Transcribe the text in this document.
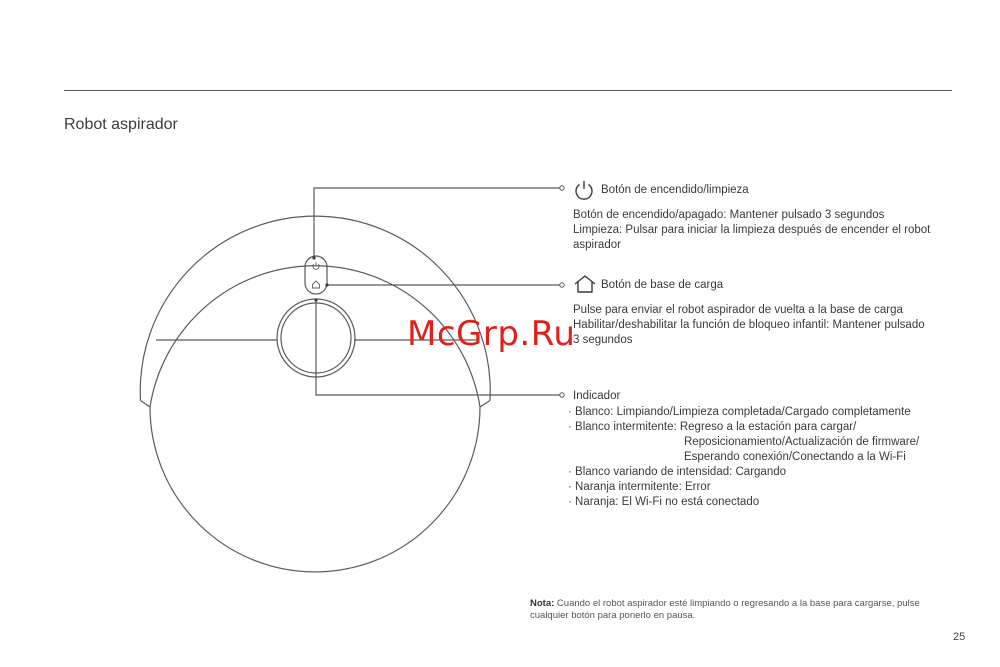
Robot aspirador
Botón de encendido/limpieza
Botón de encendido/apagado: Mantener pulsado 3 segundos
Limpieza: Pulsar para iniciar la limpieza después de encender el robot
aspirador
Botón de base de carga
Pulse para enviar el robot aspirador de vuelta a la base de carga
Habilitar/deshabilitar la función de bloqueo infantil: Mantener pulsado
3 segundos
Indicador
· Blanco: Limpiando/Limpieza completada/Cargado completamente
· Blanco intermitente: Regreso a la estación para cargar/
Reposicionamiento/Actualización de firmware/
Esperando conexión/Conectando a la Wi-Fi
· Blanco variando de intensidad: Cargando
· Naranja intermitente: Error
· Naranja: El Wi-Fi no está conectado
McGrp.Ru
Nota: Cuando el robot aspirador esté limpiando o regresando a la base para cargarse, pulse
cualquier botón para ponerlo en pausa.
25
